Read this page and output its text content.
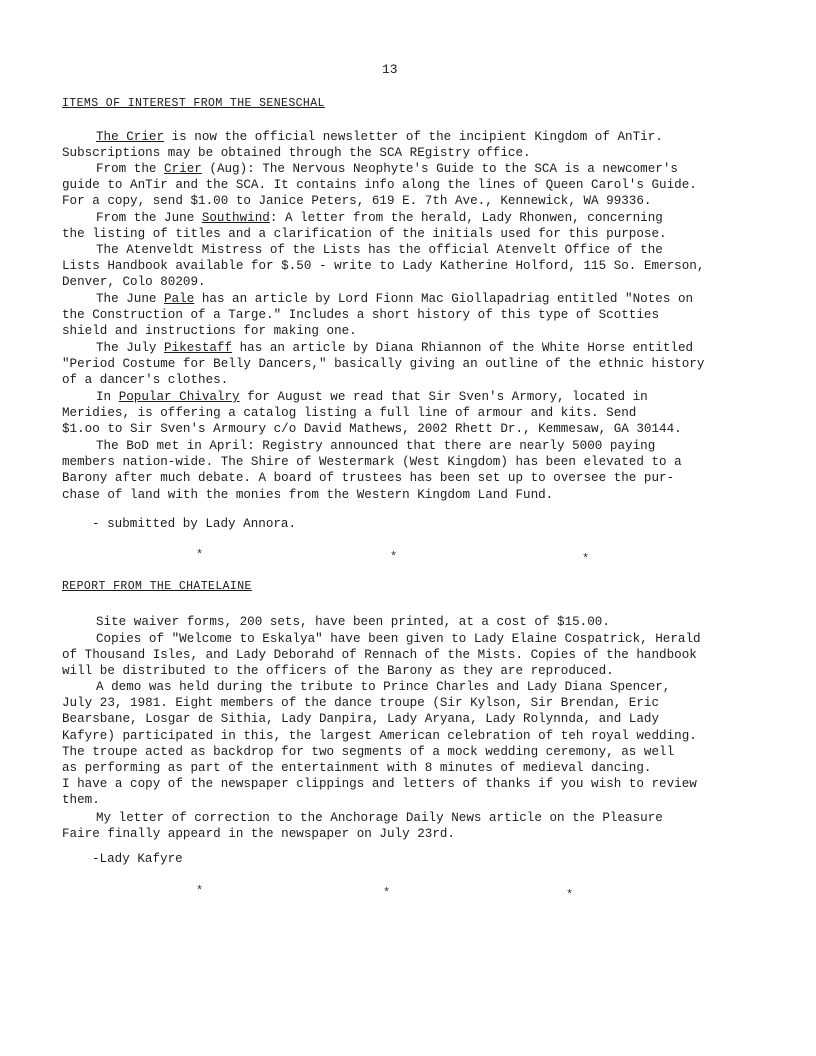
13
ITEMS OF INTEREST FROM THE SENESCHAL

The Crier is now the official newsletter of the incipient Kingdom of AnTir.
Subscriptions may be obtained through the SCA REgistry office.

From the Crier (Aug): The Nervous Neophyte's Guide to the SCA is a newcomer's
guide to AnTir and the SCA. It contains info along the lines of Queen Carol's Guide.
For a copy, send $1.00 to Janice Peters, 619 E. 7th Ave., Kennewick, WA 99336.

From the June Southwind: A letter from the herald, Lady Rhonwen, concerning
the listing of titles and a clarification of the initials used for this purpose.

The Atenveldt Mistress of the Lists has the official Atenvelt Office of the
Lists Handbook available for $.50 - write to Lady Katherine Holford, 115 So. Emerson,
Denver, Colo 80209.

The June Pale has an article by Lord Fionn Mac Giollapadriag entitled "Notes on
the Construction of a Targe." Includes a short history of this type of Scotties
shield and instructions for making one.

The July Pikestaff has an article by Diana Rhiannon of the White Horse entitled
"Period Costume for Belly Dancers," basically giving an outline of the ethnic history
of a dancer's clothes.

In Popular Chivalry for August we read that Sir Sven's Armory, located in
Meridies, is offering a catalog listing a full line of armour and kits. Send
$1.oo to Sir Sven's Armoury c/o David Mathews, 2002 Rhett Dr., Kemmesaw, GA 30144.

The BoD met in April: Registry announced that there are nearly 5000 paying
members nation-wide. The Shire of Westermark (West Kingdom) has been elevated to a
Barony after much debate. A board of trustees has been set up to oversee the pur-
chase of land with the monies from the Western Kingdom Land Fund.

- submitted by Lady Annora.
*	*	*
REPORT FROM THE CHATELAINE

Site waiver forms, 200 sets, have been printed, at a cost of $15.00.

Copies of "Welcome to Eskalya" have been given to Lady Elaine Cospatrick, Herald
of Thousand Isles, and Lady Deborahd of Rennach of the Mists. Copies of the handbook
will be distributed to the officers of the Barony as they are reproduced.

A demo was held during the tribute to Prince Charles and Lady Diana Spencer,
July 23, 1981. Eight members of the dance troupe (Sir Kylson, Sir Brendan, Eric
Bearsbane, Losgar de Sithia, Lady Danpira, Lady Aryana, Lady Rolynnda, and Lady
Kafyre) participated in this, the largest American celebration of teh royal wedding.
The troupe acted as backdrop for two segments of a mock wedding ceremony, as well
as performing as part of the entertainment with 8 minutes of medieval dancing.
I have a copy of the newspaper clippings and letters of thanks if you wish to review
them.

My letter of correction to the Anchorage Daily News article on the Pleasure
Faire finally appeard in the newspaper on July 23rd.

-Lady Kafyre
*	*	*
